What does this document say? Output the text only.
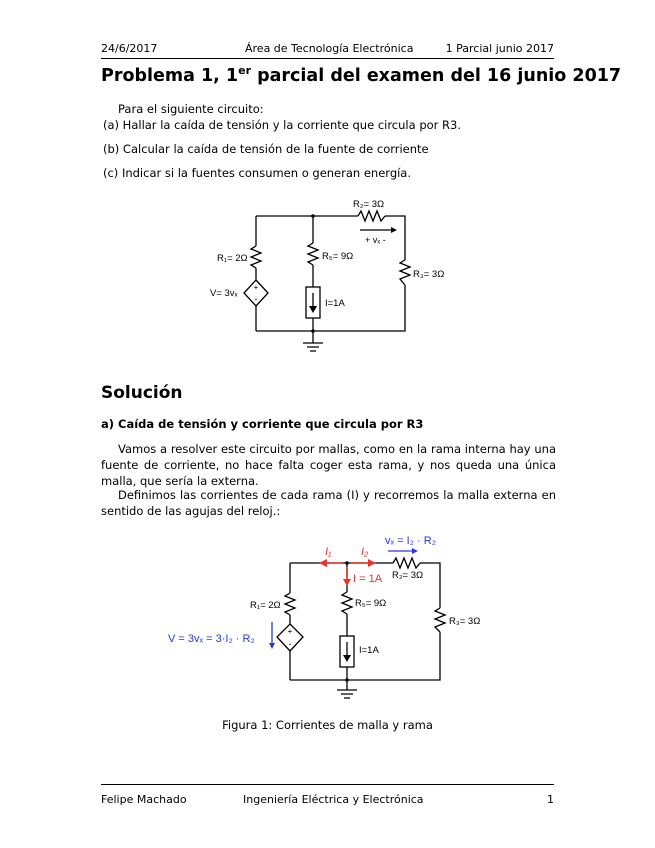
24/6/2017	Área de Tecnología Electrónica	1 Parcial junio 2017
Problema 1, 1er parcial del examen del 16 junio 2017
Para el siguiente circuito:
(a) Hallar la caída de tensión y la corriente que circula por R3.
(b) Calcular la caída de tensión de la fuente de corriente
(c) Indicar si la fuentes consumen o generan energía.
+
-
R₂= 3Ω
+ vₓ -
R₁= 2Ω	R₅= 9Ω
R₃= 3Ω
V= 3vₓ
I=1A
Solución
a) Caída de tensión y corriente que circula por R3
Vamos a resolver este circuito por mallas, como en la rama interna hay una fuente de corriente, no hace falta coger esta rama, y nos queda una única malla, que sería la externa.
Definimos las corrientes de cada rama (I) y recorremos la malla externa en sentido de las agujas del reloj.:
+
-
vₓ = I₂ · R₂
I₁	I₂
I = 1A R₂= 3Ω
R₁= 2Ω	R₅= 9Ω
R₃= 3Ω
V = 3vₓ = 3·I₂ · R₂
I=1A
Figura 1: Corrientes de malla y rama
Felipe Machado	Ingeniería Eléctrica y Electrónica	1
